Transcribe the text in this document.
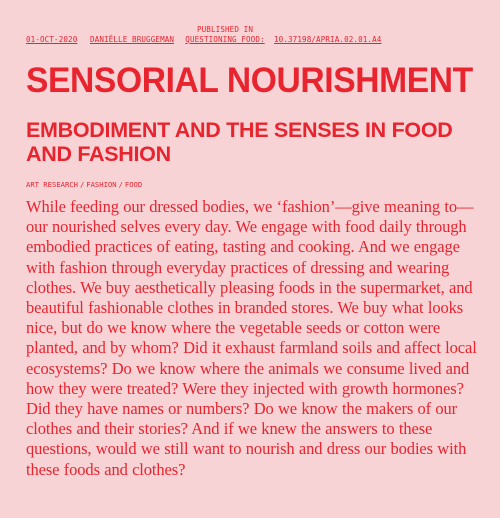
01-OCT-2020 DANIËLLE BRUGGEMAN
PUBLISHED IN
QUESTIONING FOOD: 10.37198/APRIA.02.01.A4
SENSORIAL NOURISHMENT
EMBODIMENT AND THE SENSES IN FOOD AND FASHION
ART RESEARCH / FASHION / FOOD

While feeding our dressed bodies, we ‘fashion’—give meaning to—our nourished selves every day. We engage with food daily through embodied practices of eating, tasting and cooking. And we engage with fashion through everyday practices of dressing and wearing clothes. We buy aesthetically pleasing foods in the supermarket, and beautiful fashionable clothes in branded stores. We buy what looks nice, but do we know where the vegetable seeds or cotton were planted, and by whom? Did it exhaust farmland soils and affect local ecosystems? Do we know where the animals we consume lived and how they were treated? Were they injected with growth hormones? Did they have names or numbers? Do we know the makers of our clothes and their stories? And if we knew the answers to these questions, would we still want to nourish and dress our bodies with these foods and clothes?
